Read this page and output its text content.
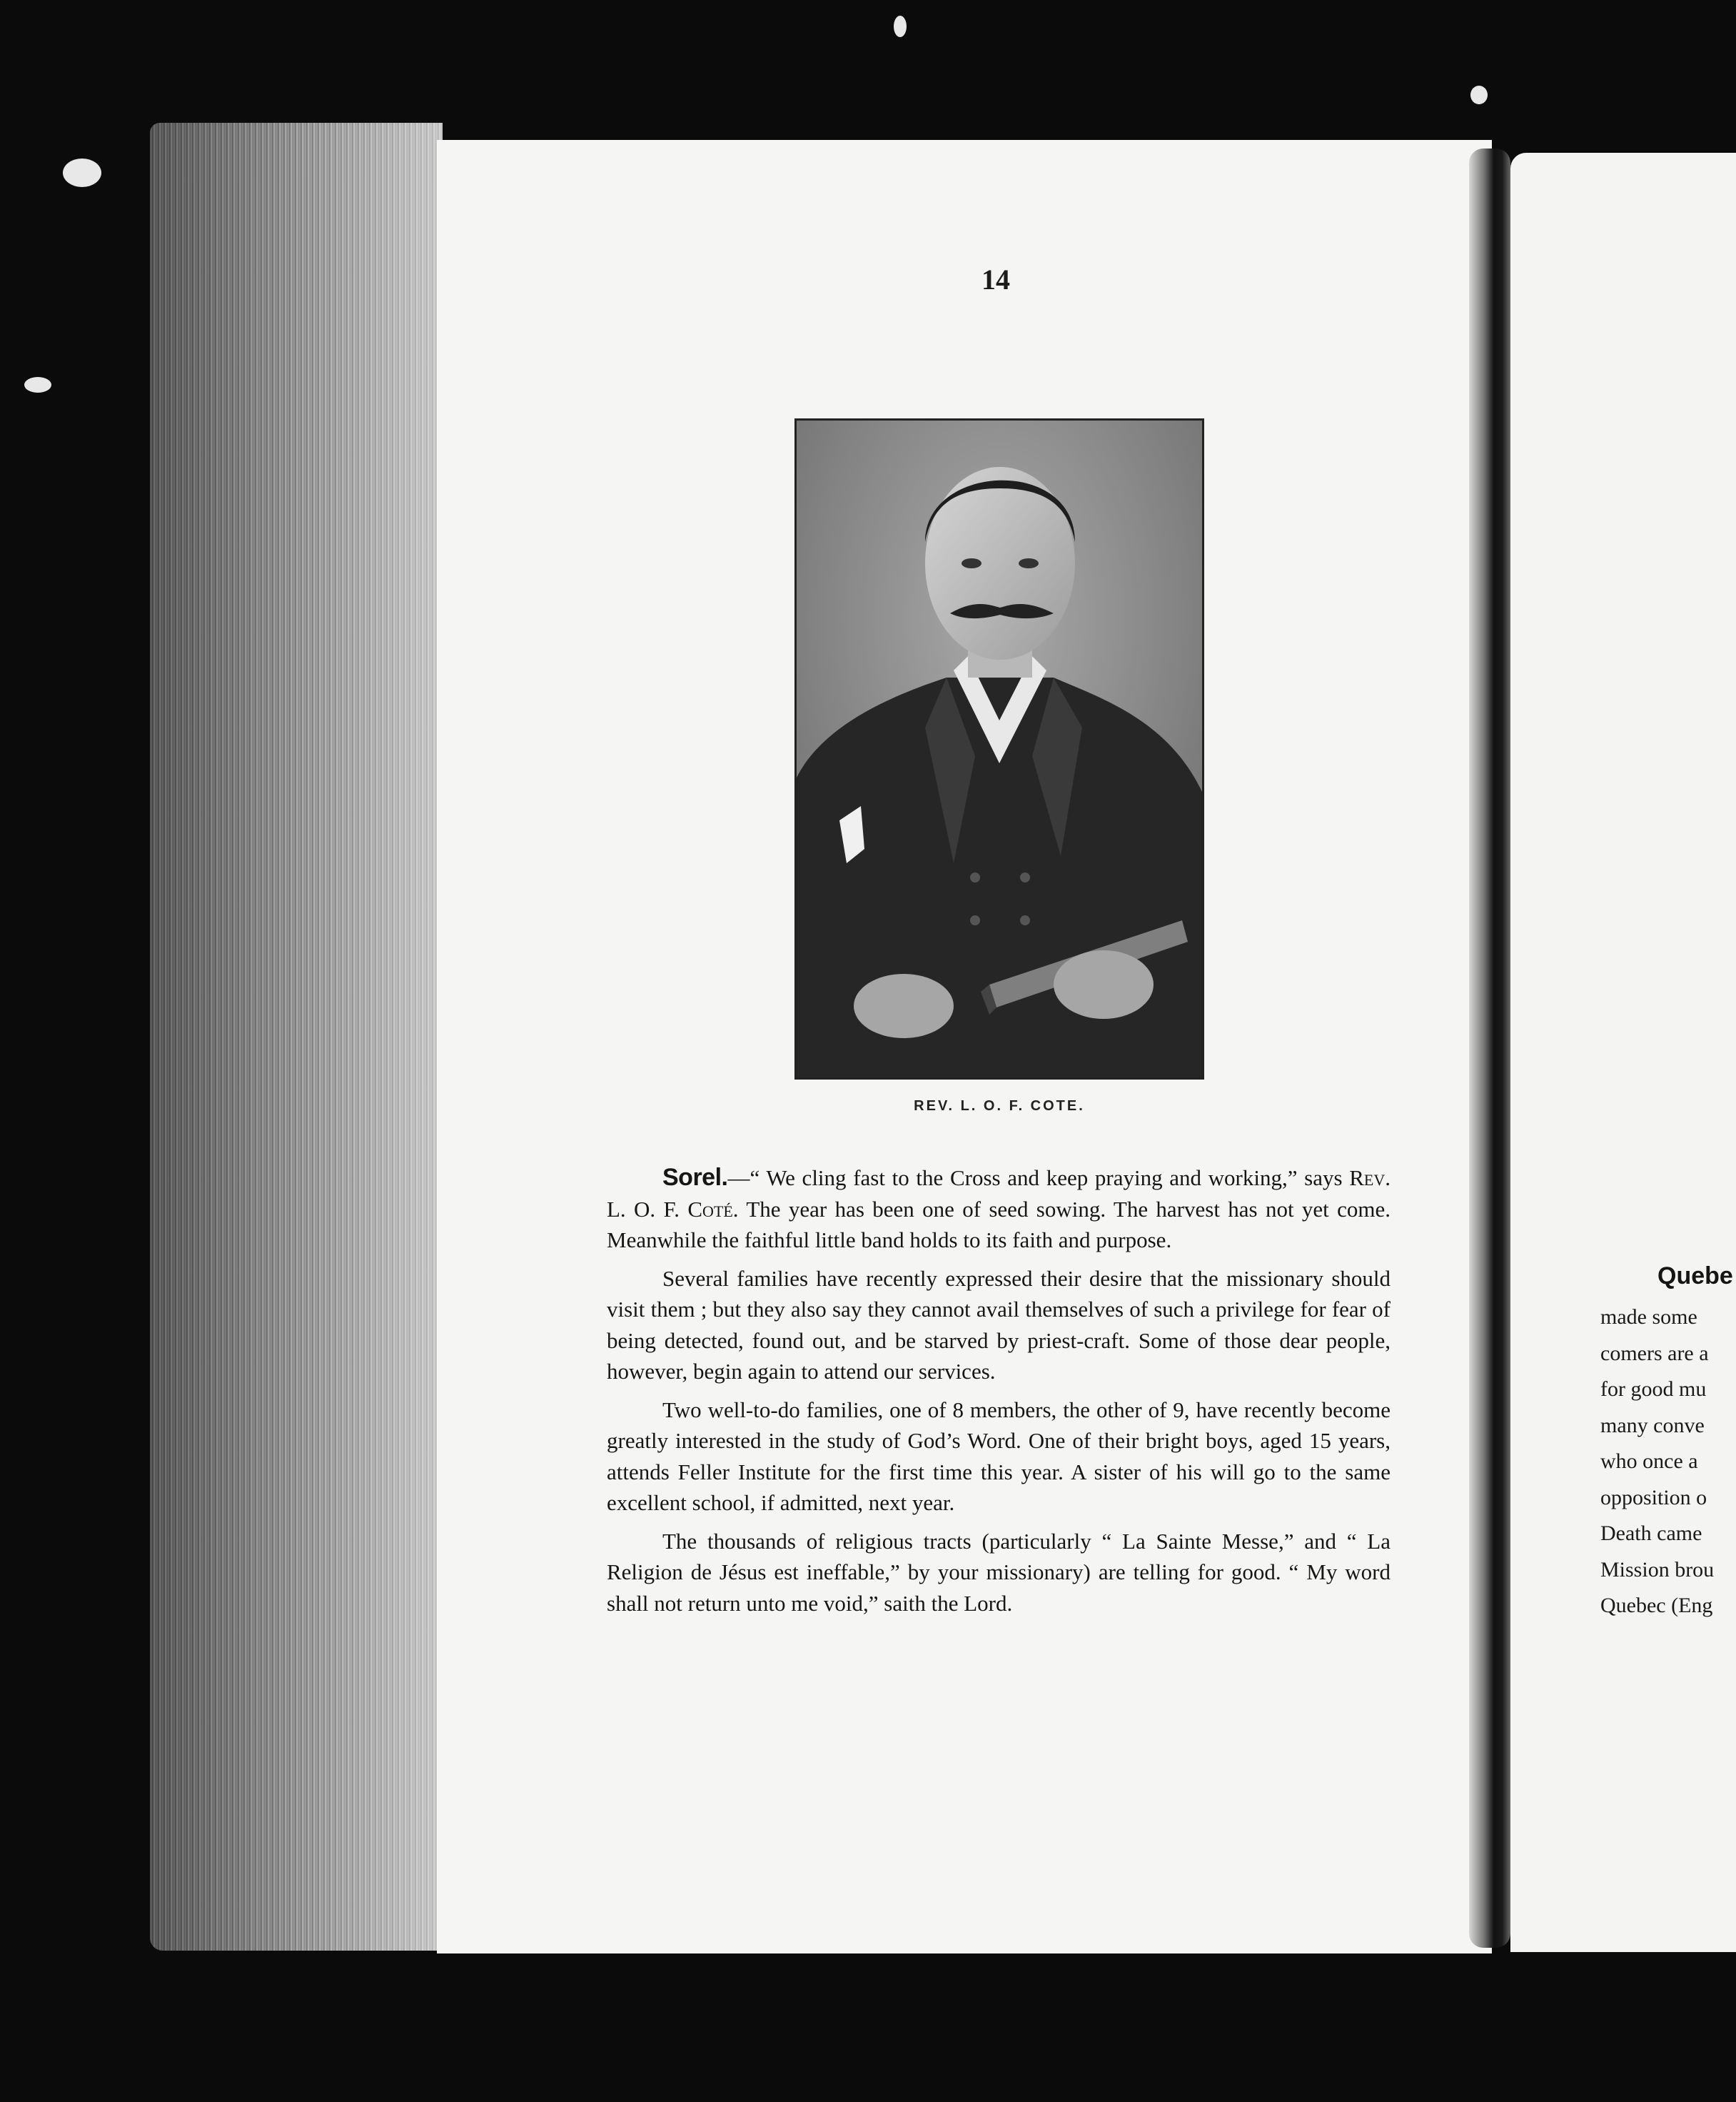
14
REV. L. O. F. COTE.

Sorel.—“ We cling fast to the Cross and keep praying and working,” says Rev. L. O. F. Coté. The year has been one of seed sowing. The harvest has not yet come. Meanwhile the faithful little band holds to its faith and purpose.

Several families have recently expressed their desire that the missionary should visit them ; but they also say they cannot avail themselves of such a privilege for fear of being detected, found out, and be starved by priest-craft. Some of those dear people, however, begin again to attend our services.

Two well-to-do families, one of 8 members, the other of 9, have recently become greatly interested in the study of God’s Word. One of their bright boys, aged 15 years, attends Feller Institute for the first time this year. A sister of his will go to the same excellent school, if admitted, next year.

The thousands of religious tracts (particularly “ La Sainte Messe,” and “ La Religion de Jésus est ineffable,” by your missionary) are telling for good. “ My word shall not return unto me void,” saith the Lord.

Quebe
made some
comers are a
for good mu
many conve
who once a
opposition o
Death came
Mission brou
Quebec (Eng
